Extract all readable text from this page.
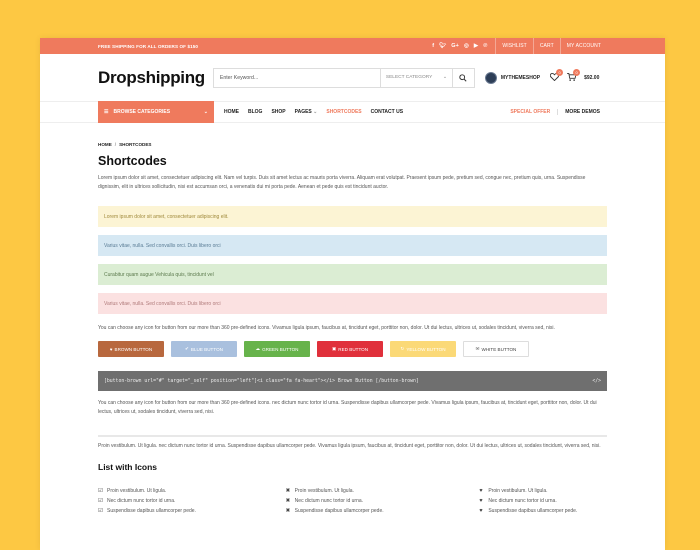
FREE SHIPPING FOR ALL ORDERS OF $150	f 🐦︎ G+ ◎ ▶ ℗	WISHLIST	CART	MY ACCOUNT
Dropshipping	Enter Keyword...	SELECT CATEGORY ⌄	MYTHEMESHOP
0	0
$92.00
☰ BROWSE CATEGORIES	⌄	HOME BLOG SHOP PAGES ⌄ SHORTCODES CONTACT US	SPECIAL OFFER	MORE DEMOS
HOME / SHORTCODES
Shortcodes

Lorem ipsum dolor sit amet, consectetuer adipiscing elit. Nam vel turpis. Duis sit amet lectus ac mauris porta viverra. Aliquam erat volutpat. Praesent ipsum pede, pretium sed, congue nec, pretium quis, urna. Suspendisse dignissim, elit in ultrices sollicitudin, nisi est accumsan orci, a venenatis dui mi porta pede. Aenean et pede quis est tincidunt auctor.

Lorem ipsum dolor sit amet, consectetuer adipiscing elit.
Varius vitae, nulla. Sed convallis orci. Duis libero orci
Curabitur quam augue Vehicula quis, tincidunt vel
Varius vitae, nulla. Sed convallis orci. Duis libero orci

You can choose any icon for button from our more than 360 pre-defined icons. Vivamus ligula ipsum, faucibus at, tincidunt eget, porttitor non, dolor. Ut dui lectus, ultrices ut, sodales tincidunt, viverra sed, nisi.

♥ BROWN BUTTON	✔ BLUE BUTTON	☁ GREEN BUTTON	▣ RED BUTTON	↻ YELLOW BUTTON	✉ WHITE BUTTON
[button-brown url="#" target="_self" position="left"]<i class="fa fa-heart"></i> Brown Button [/button-brown]	</>

You can choose any icon for button from our more than 360 pre-defined icons. nec dictum nunc tortor id urna. Suspendisse dapibus ullamcorper pede. Vivamus ligula ipsum, faucibus at, tincidunt eget, porttitor non, dolor. Ut dui lectus, ultrices ut, sodales tincidunt, viverra sed, nisi.

Proin vestibulum. Ut ligula. nec dictum nunc tortor id urna. Suspendisse dapibus ullamcorper pede. Vivamus ligula ipsum, faucibus at, tincidunt eget, porttitor non, dolor. Ut dui lectus, ultrices ut, sodales tincidunt, viverra sed, nisi.

List with Icons
☑ Proin vestibulum. Ut ligula.
☑ Nec dictum nunc tortor id urna.
☑ Suspendisse dapibus ullamcorper pede.
✖ Proin vestibulum. Ut ligula.
✖ Nec dictum nunc tortor id urna.
✖ Suspendisse dapibus ullamcorper pede.
♥	Proin vestibulum. Ut ligula.
♥	Nec dictum nunc tortor id urna.
♥	Suspendisse dapibus ullamcorper pede.
